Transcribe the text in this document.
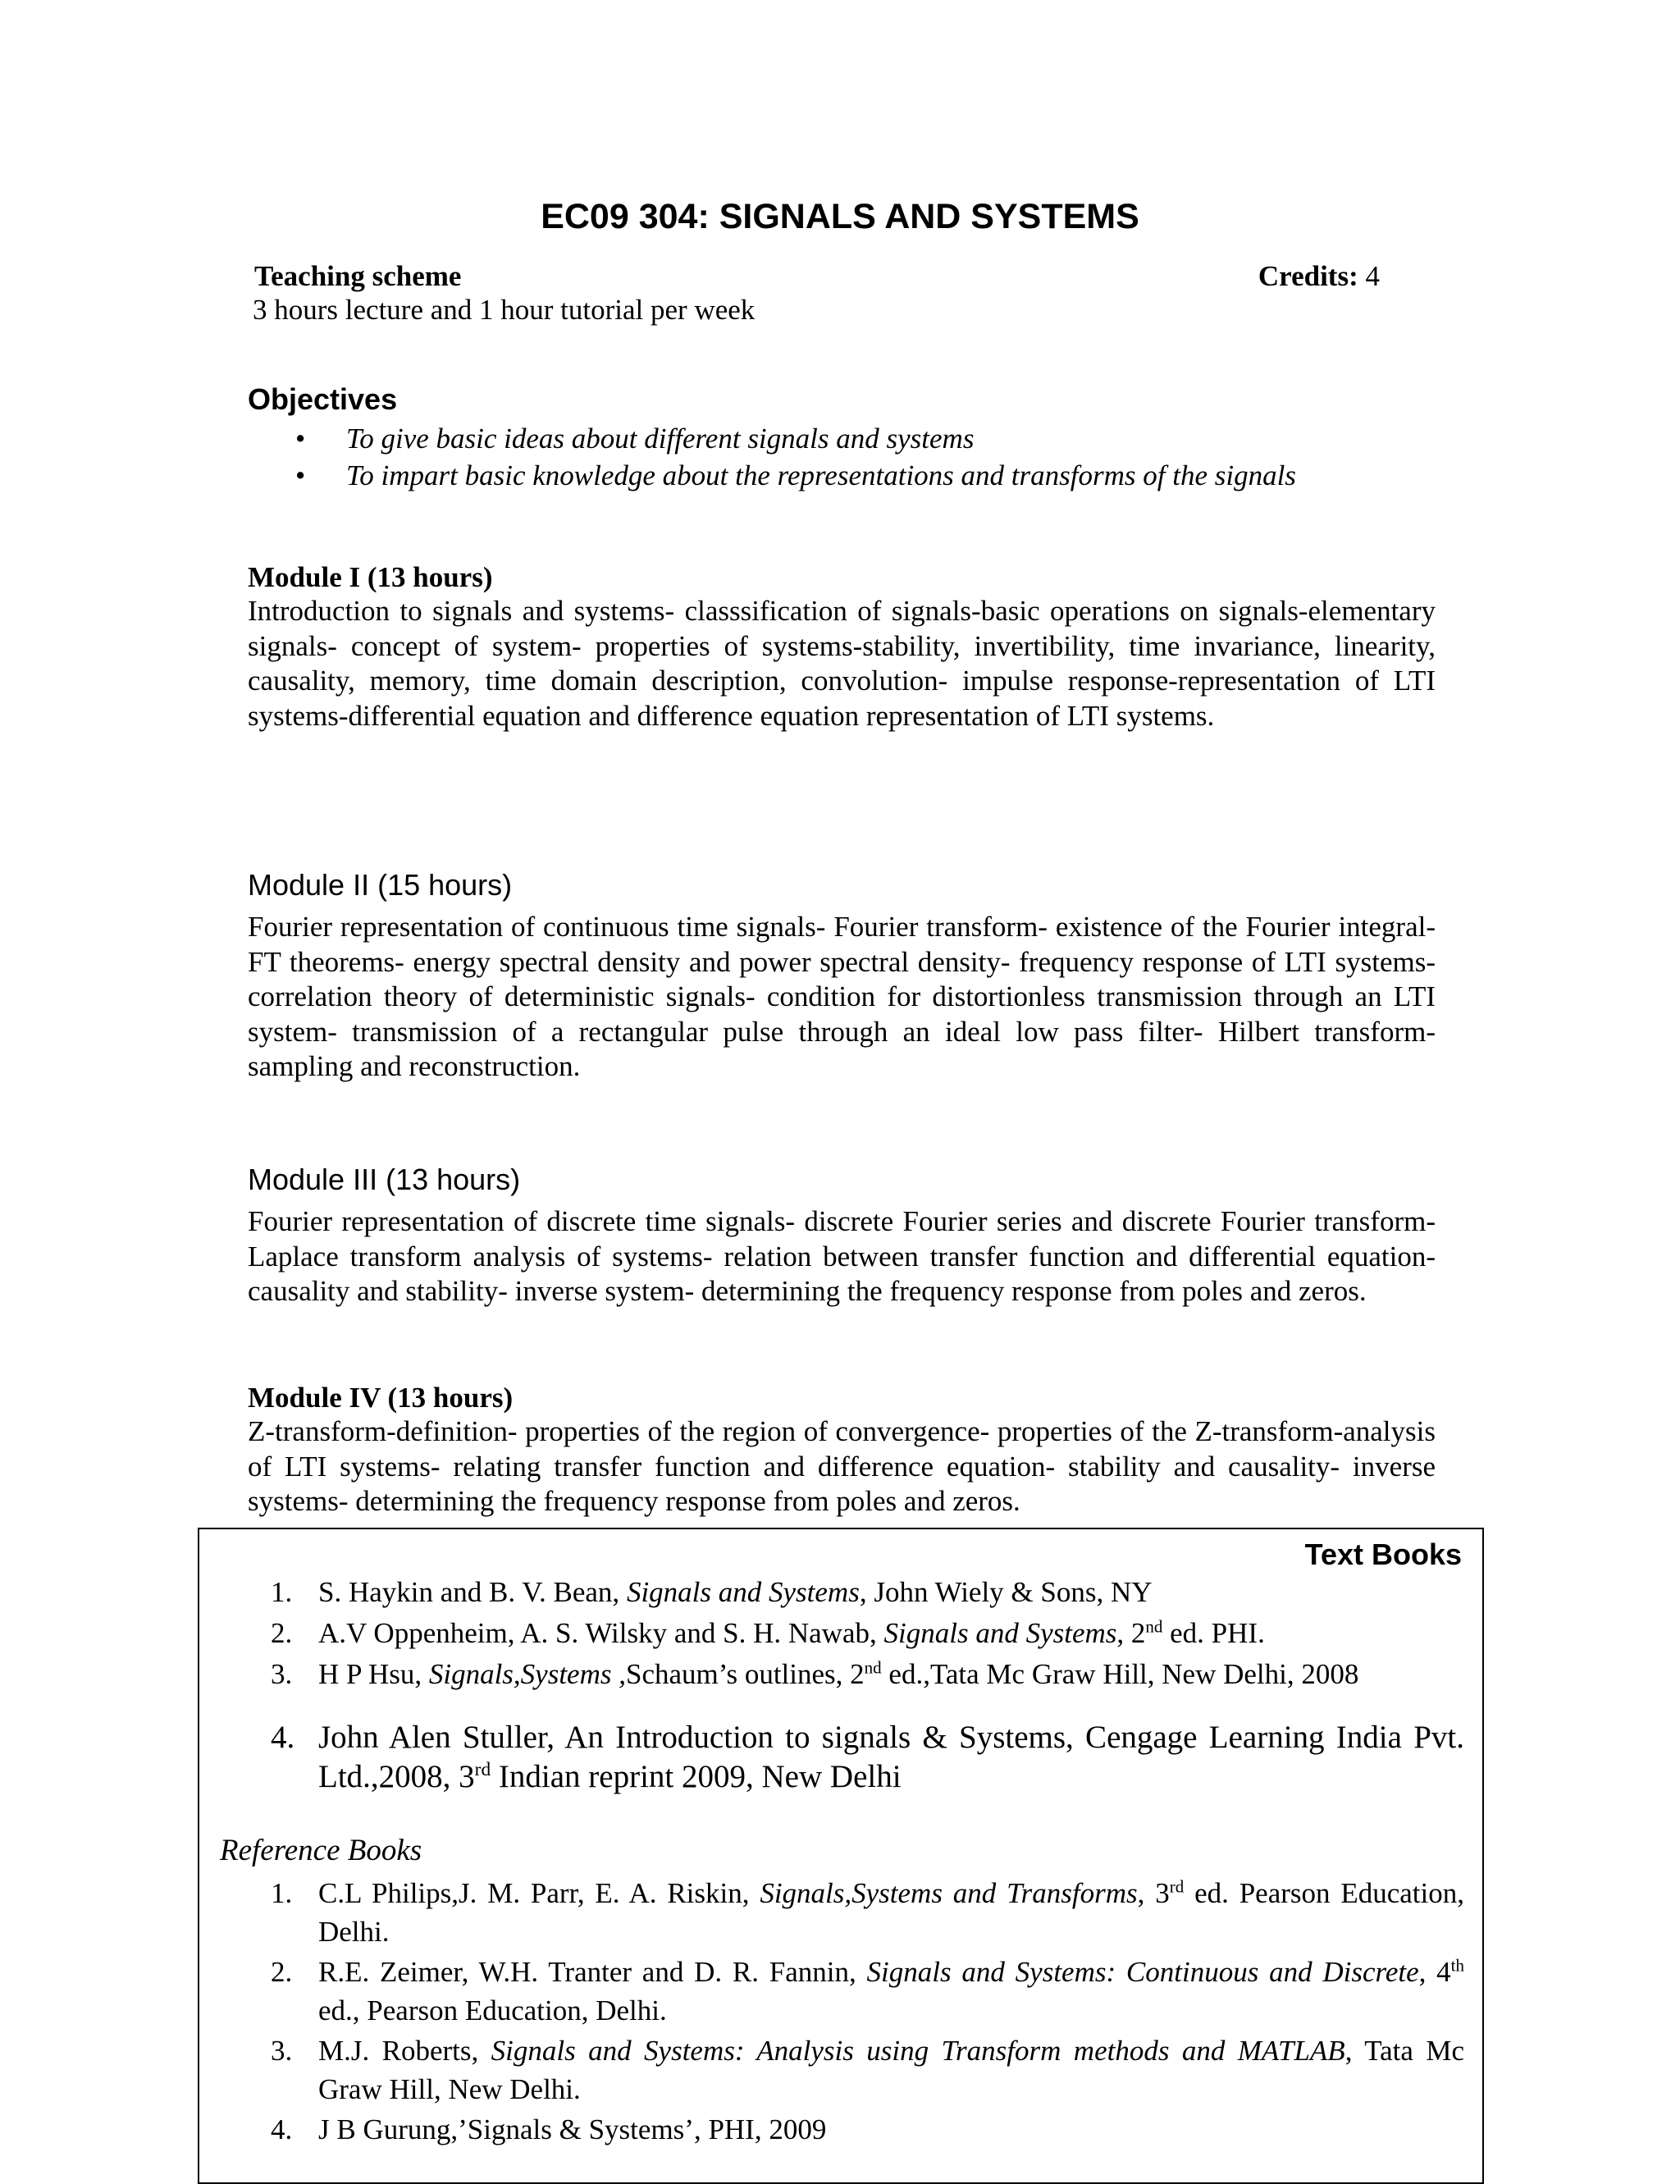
EC09 304: SIGNALS AND SYSTEMS
Teaching scheme	Credits: 4
3 hours lecture and 1 hour tutorial per week
Objectives
• To give basic ideas about different signals and systems
• To impart basic knowledge about the representations and transforms of the signals
Module I (13 hours)
Introduction to signals and systems- classsification of signals-basic operations on signals-elementary signals- concept of system- properties of systems-stability, invertibility, time invariance, linearity, causality, memory, time domain description, convolution- impulse response-representation of LTI systems-differential equation and difference equation representation of LTI systems.
Module II (15 hours)
Fourier representation of continuous time signals- Fourier transform- existence of the Fourier integral- FT theorems- energy spectral density and power spectral density- frequency response of LTI systems- correlation theory of deterministic signals- condition for distortionless transmission through an LTI system- transmission of a rectangular pulse through an ideal low pass filter- Hilbert transform- sampling and reconstruction.
Module III (13 hours)
Fourier representation of discrete time signals- discrete Fourier series and discrete Fourier transform- Laplace transform analysis of systems- relation between transfer function and differential equation- causality and stability- inverse system- determining the frequency response from poles and zeros.
Module IV (13 hours)
Z-transform-definition- properties of the region of convergence- properties of the Z-transform-analysis of LTI systems- relating transfer function and difference equation- stability and causality- inverse systems- determining the frequency response from poles and zeros.
Text Books
1. S. Haykin and B. V. Bean, Signals and Systems, John Wiely & Sons, NY
2. A.V Oppenheim, A. S. Wilsky and S. H. Nawab, Signals and Systems, 2nd ed. PHI.
3. H P Hsu, Signals,Systems ,Schaum’s outlines, 2nd ed.,Tata Mc Graw Hill, New Delhi, 2008
4. John Alen Stuller, An Introduction to signals & Systems, Cengage Learning India Pvt. Ltd.,2008, 3rd Indian reprint 2009, New Delhi
Reference Books
1. C.L Philips,J. M. Parr, E. A. Riskin, Signals,Systems and Transforms, 3rd ed. Pearson Education, Delhi.
2. R.E. Zeimer, W.H. Tranter and D. R. Fannin, Signals and Systems: Continuous and Discrete, 4th ed., Pearson Education, Delhi.
3. M.J. Roberts, Signals and Systems: Analysis using Transform methods and MATLAB, Tata Mc Graw Hill, New Delhi.
4. J B Gurung,’Signals & Systems’, PHI, 2009
